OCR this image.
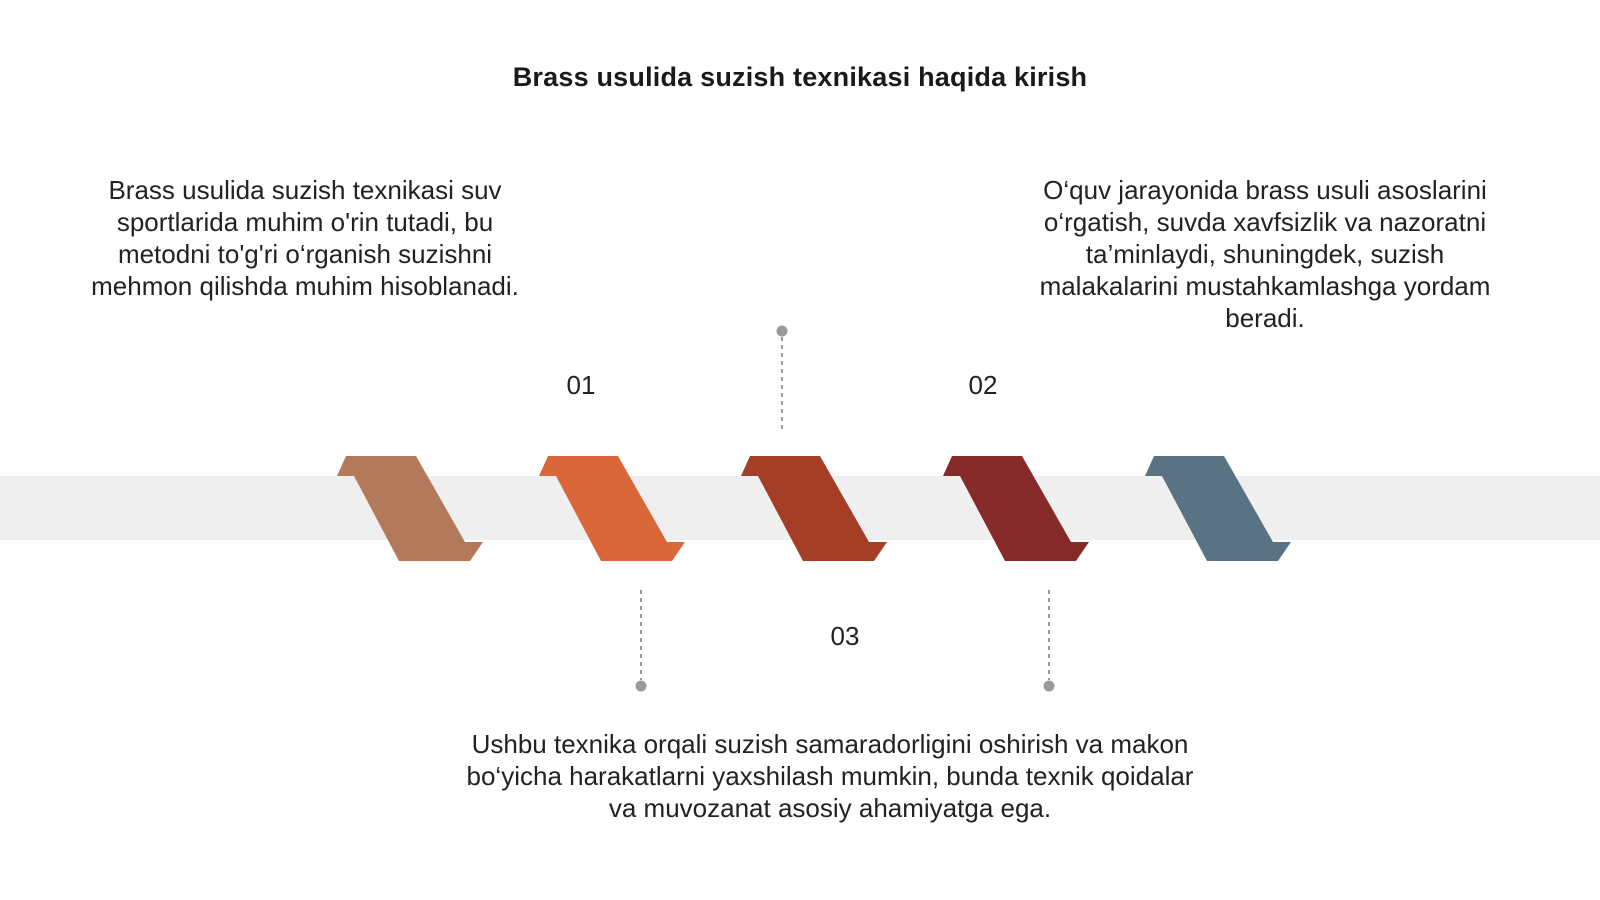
Brass usulida suzish texnikasi haqida kirish
Brass usulida suzish texnikasi suv sportlarida muhim o'rin tutadi, bu metodni to'g'ri o‘rganish suzishni mehmon qilishda muhim hisoblanadi.
O‘quv jarayonida brass usuli asoslarini o‘rgatish, suvda xavfsizlik va nazoratni ta’minlaydi, shuningdek, suzish malakalarini mustahkamlashga yordam beradi.
Ushbu texnika orqali suzish samaradorligini oshirish va makon bo‘yicha harakatlarni yaxshilash mumkin, bunda texnik qoidalar va muvozanat asosiy ahamiyatga ega.
01	02
03
